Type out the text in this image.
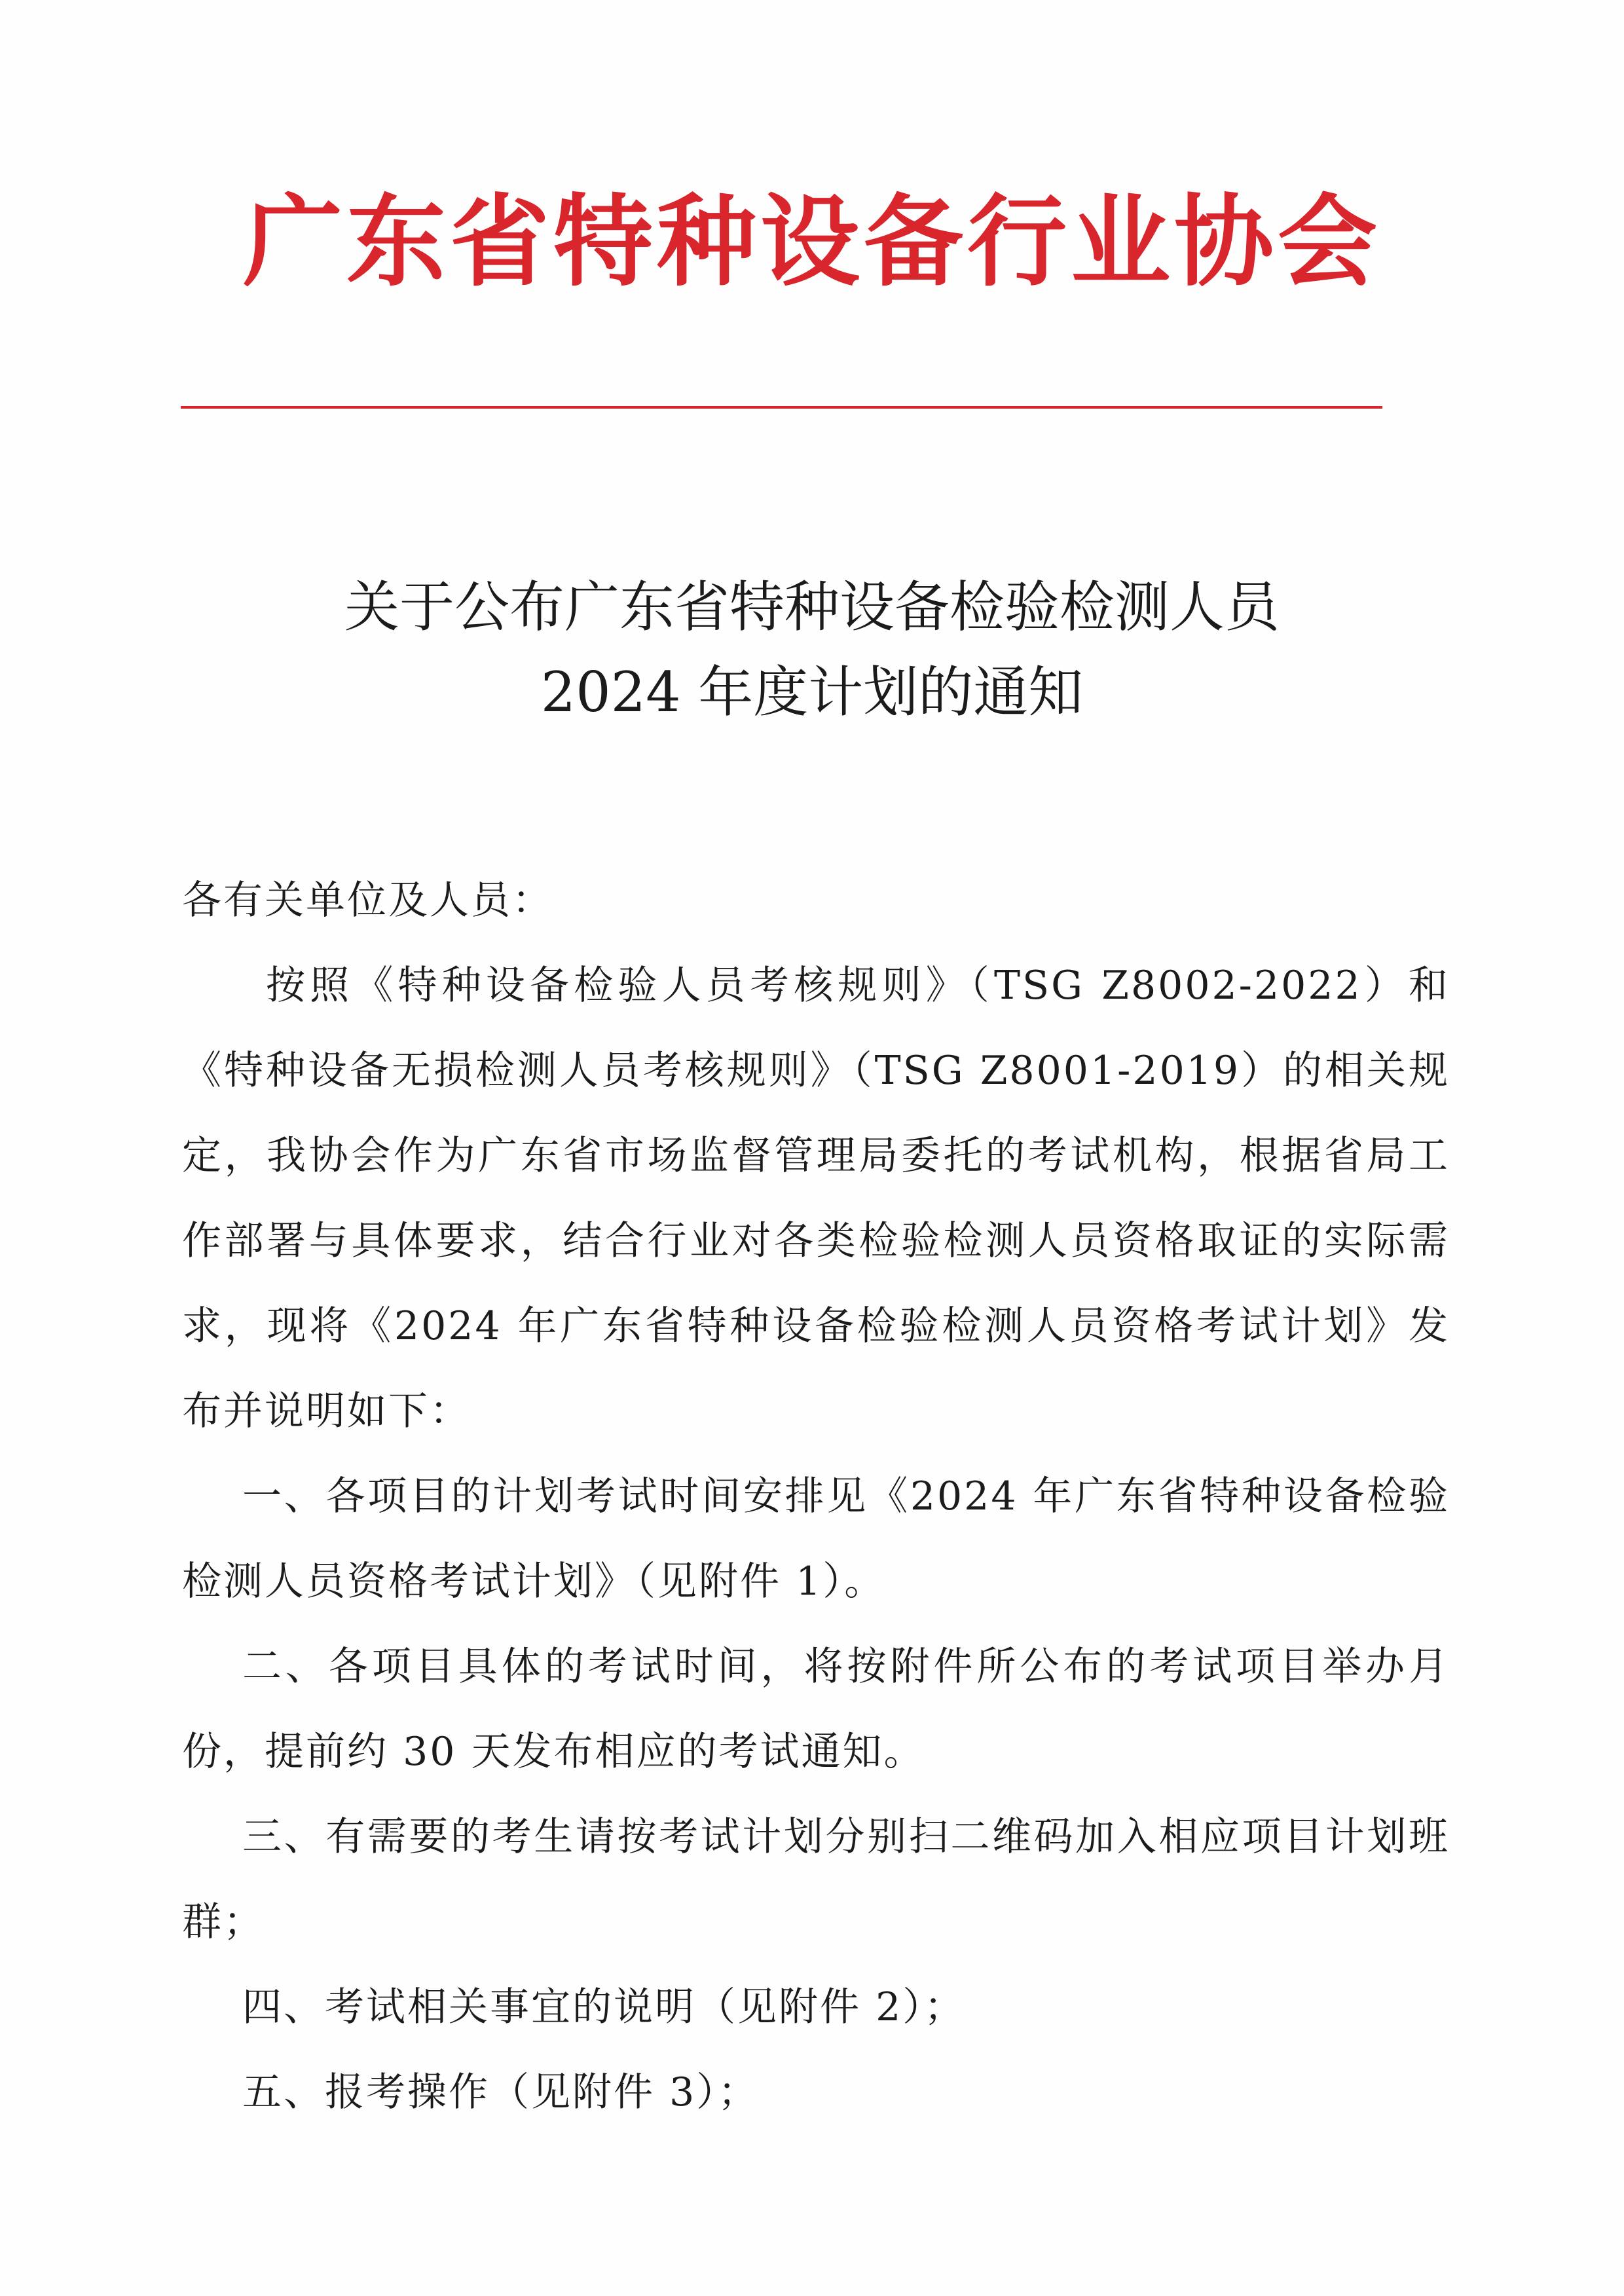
广东省特种设备行业协会
关于公布广东省特种设备检验检测人员
2024 年度计划的通知

各有关单位及人员：

按照《特种设备检验人员考核规则》（TSG Z8002-2022）和《特种设备无损检测人员考核规则》（TSG Z8001-2019）的相关规定，我协会作为广东省市场监督管理局委托的考试机构，根据省局工作部署与具体要求，结合行业对各类检验检测人员资格取证的实际需求，现将《2024 年广东省特种设备检验检测人员资格考试计划》发布并说明如下：

一、各项目的计划考试时间安排见《2024 年广东省特种设备检验检测人员资格考试计划》（见附件 1）。

二、各项目具体的考试时间，将按附件所公布的考试项目举办月份，提前约 30 天发布相应的考试通知。

三、有需要的考生请按考试计划分别扫二维码加入相应项目计划班群；

四、考试相关事宜的说明（见附件 2）；

五、报考操作（见附件 3）；
